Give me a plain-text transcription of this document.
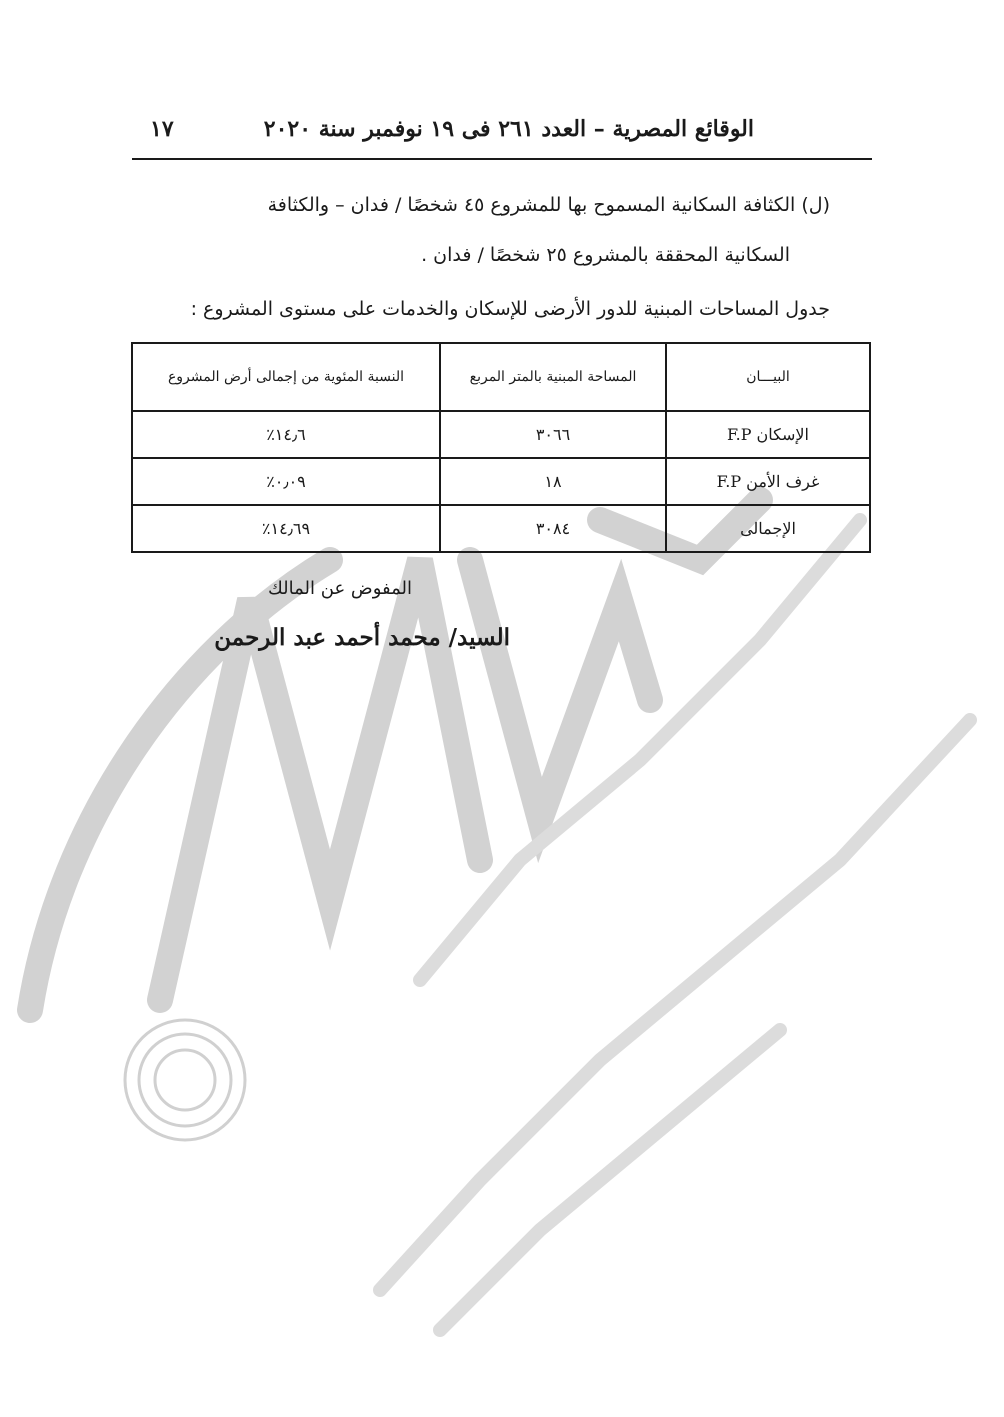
الوقائع المصرية – العدد ٢٦١ فى ١٩ نوفمبر سنة ٢٠٢٠
١٧
(ل) الكثافة السكانية المسموح بها للمشروع ٤٥ شخصًا / فدان – والكثافة
السكانية المحققة بالمشروع ٢٥ شخصًا / فدان .
جدول المساحات المبنية للدور الأرضى للإسكان والخدمات على مستوى المشروع :
البيـــان	المساحة المبنية بالمتر المربع	النسبة المئوية من إجمالى أرض المشروع
الإسكان F.P	٣٠٦٦	١٤٫٦٪
غرف الأمن F.P	١٨	٠٫٠٩٪
الإجمالى	٣٠٨٤	١٤٫٦٩٪
المفوض عن المالك
السيد/ محمد أحمد عبد الرحمن
